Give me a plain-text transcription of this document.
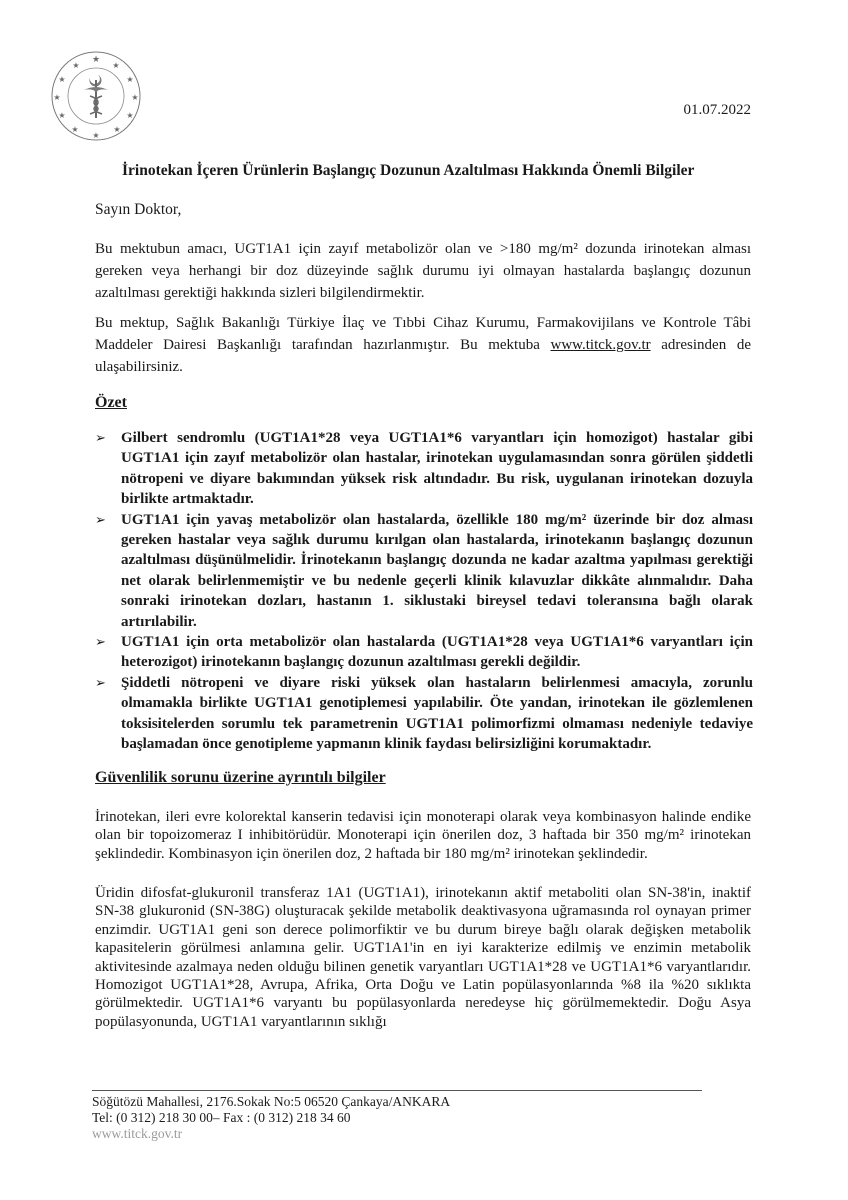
★
★
★
★
★
★
★
★
★
★
★
★
01.07.2022
İrinotekan İçeren Ürünlerin Başlangıç Dozunun Azaltılması Hakkında Önemli Bilgiler
Sayın Doktor,

Bu mektubun amacı, UGT1A1 için zayıf metabolizör olan ve >180 mg/m² dozunda irinotekan alması gereken veya herhangi bir doz düzeyinde sağlık durumu iyi olmayan hastalarda başlangıç dozunun azaltılması gerektiği hakkında sizleri bilgilendirmektir.

Bu mektup, Sağlık Bakanlığı Türkiye İlaç ve Tıbbi Cihaz Kurumu, Farmakovijilans ve Kontrole Tâbi Maddeler Dairesi Başkanlığı tarafından hazırlanmıştır. Bu mektuba www.titck.gov.tr adresinden de ulaşabilirsiniz.

Özet
➢ Gilbert sendromlu (UGT1A1*28 veya UGT1A1*6 varyantları için homozigot) hastalar gibi UGT1A1 için zayıf metabolizör olan hastalar, irinotekan uygulamasından sonra görülen şiddetli nötropeni ve diyare bakımından yüksek risk altındadır. Bu risk, uygulanan irinotekan dozuyla birlikte artmaktadır.
➢ UGT1A1 için yavaş metabolizör olan hastalarda, özellikle 180 mg/m² üzerinde bir doz alması gereken hastalar veya sağlık durumu kırılgan olan hastalarda, irinotekanın başlangıç dozunun azaltılması düşünülmelidir. İrinotekanın başlangıç dozunda ne kadar azaltma yapılması gerektiği net olarak belirlenmemiştir ve bu nedenle geçerli klinik kılavuzlar dikkâte alınmalıdır. Daha sonraki irinotekan dozları, hastanın 1. siklustaki bireysel tedavi toleransına bağlı olarak artırılabilir.
➢ UGT1A1 için orta metabolizör olan hastalarda (UGT1A1*28 veya UGT1A1*6 varyantları için heterozigot) irinotekanın başlangıç dozunun azaltılması gerekli değildir.
➢ Şiddetli nötropeni ve diyare riski yüksek olan hastaların belirlenmesi amacıyla, zorunlu olmamakla birlikte UGT1A1 genotiplemesi yapılabilir. Öte yandan, irinotekan ile gözlemlenen toksisitelerden sorumlu tek parametrenin UGT1A1 polimorfizmi olmaması nedeniyle tedaviye başlamadan önce genotipleme yapmanın klinik faydası belirsizliğini korumaktadır.
Güvenlilik sorunu üzerine ayrıntılı bilgiler

İrinotekan, ileri evre kolorektal kanserin tedavisi için monoterapi olarak veya kombinasyon halinde endike olan bir topoizomeraz I inhibitörüdür. Monoterapi için önerilen doz, 3 haftada bir 350 mg/m² irinotekan şeklindedir. Kombinasyon için önerilen doz, 2 haftada bir 180 mg/m² irinotekan şeklindedir.

Üridin difosfat-glukuronil transferaz 1A1 (UGT1A1), irinotekanın aktif metaboliti olan SN-38'in, inaktif SN-38 glukuronid (SN-38G) oluşturacak şekilde metabolik deaktivasyona uğramasında rol oynayan primer enzimdir. UGT1A1 geni son derece polimorfiktir ve bu durum bireye bağlı olarak değişken metabolik kapasitelerin görülmesi anlamına gelir. UGT1A1'in en iyi karakterize edilmiş ve enzimin metabolik aktivitesinde azalmaya neden olduğu bilinen genetik varyantları UGT1A1*28 ve UGT1A1*6 varyantlarıdır. Homozigot UGT1A1*28, Avrupa, Afrika, Orta Doğu ve Latin popülasyonlarında %8 ila %20 sıklıkta görülmektedir. UGT1A1*6 varyantı bu popülasyonlarda neredeyse hiç görülmemektedir. Doğu Asya popülasyonunda, UGT1A1 varyantlarının sıklığı

Söğütözü Mahallesi, 2176.Sokak No:5 06520 Çankaya/ANKARA
Tel: (0 312) 218 30 00– Fax : (0 312) 218 34 60
www.titck.gov.tr
